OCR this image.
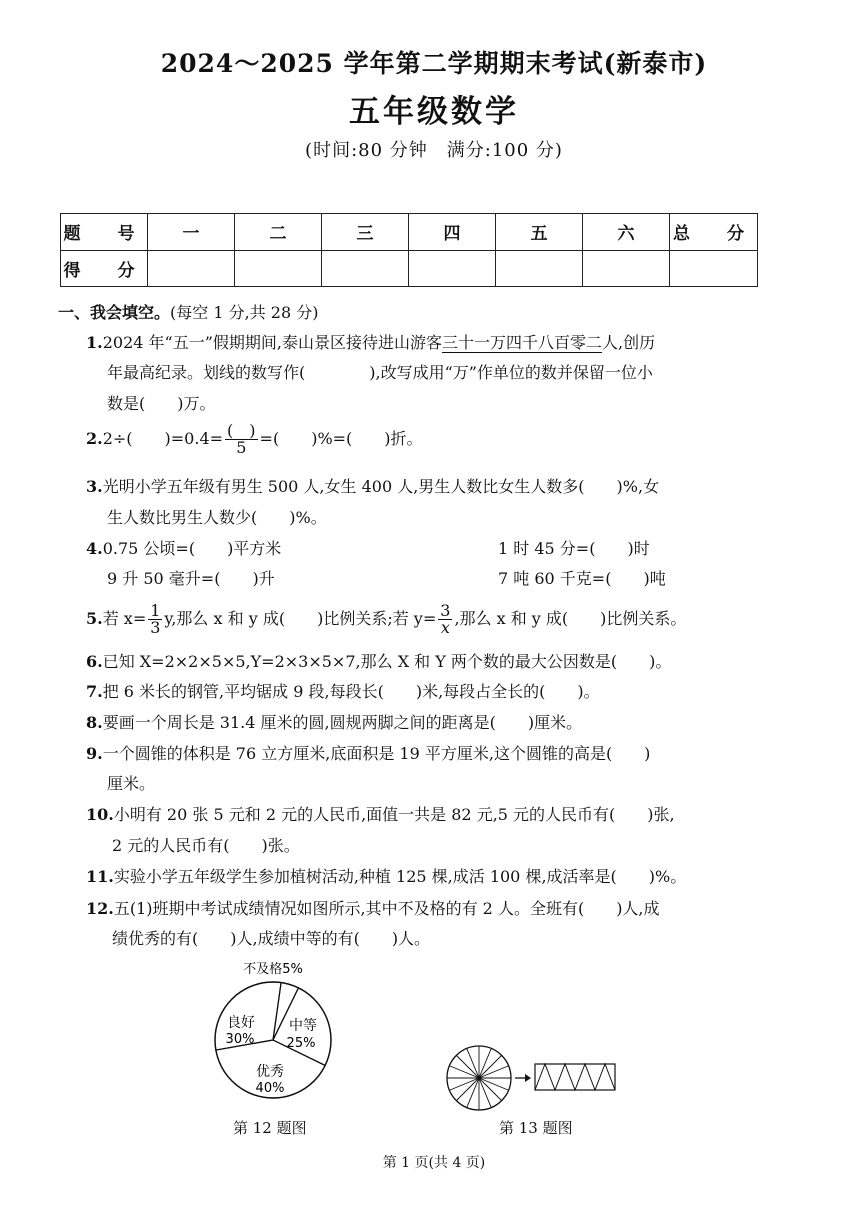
2024～2025 学年第二学期期末考试(新泰市)
五年级数学
(时间:80 分钟　满分:100 分)
题　号	一	二	三	四	五	六	总　分
得　分							
一、我会填空。(每空 1 分,共 28 分)
1.2024 年“五一”假期期间,泰山景区接待进山游客三十一万四千八百零二人,创历
年最高纪录。划线的数写作(　　　　),改写成用“万”作单位的数并保留一位小
数是(　　)万。
2.2÷(　　)$=0.4= \frac{( )}{5}$ =(　　)%=(　　)折。
3.光明小学五年级有男生 500 人,女生 400 人,男生人数比女生人数多(　　)%,女
生人数比男生人数少(　　)%。
4.0.75 公顷=(　　)平方米	1 时 45 分=(　　)时
9 升 50 毫升=(　　)升	7 吨 60 千克=(　　)吨
5.若 $x= \frac{1}{3} y$,那么 x 和 y 成(　　)比例关系;若 $y= \frac{3}{x}$ ,那么 x 和 y 成(　　)比例关系。
6.已知 X=2×2×5×5,Y=2×3×5×7,那么 X 和 Y 两个数的最大公因数是(　　)。
7.把 6 米长的钢管,平均锯成 9 段,每段长(　　)米,每段占全长的(　　)。
8.要画一个周长是 31.4 厘米的圆,圆规两脚之间的距离是(　　)厘米。
9.一个圆锥的体积是 76 立方厘米,底面积是 19 平方厘米,这个圆锥的高是(　　)
厘米。
10.小明有 20 张 5 元和 2 元的人民币,面值一共是 82 元,5 元的人民币有(　　)张,
2 元的人民币有(　　)张。
11.实验小学五年级学生参加植树活动,种植 125 棵,成活 100 棵,成活率是(　　)%。
12.五(1)班期中考试成绩情况如图所示,其中不及格的有 2 人。全班有(　　)人,成
绩优秀的有(　　)人,成绩中等的有(　　)人。
不及格5%
中等
25%
优秀
40%
良好
30%
第 12 题图	第 13 题图
第 1 页(共 4 页)
